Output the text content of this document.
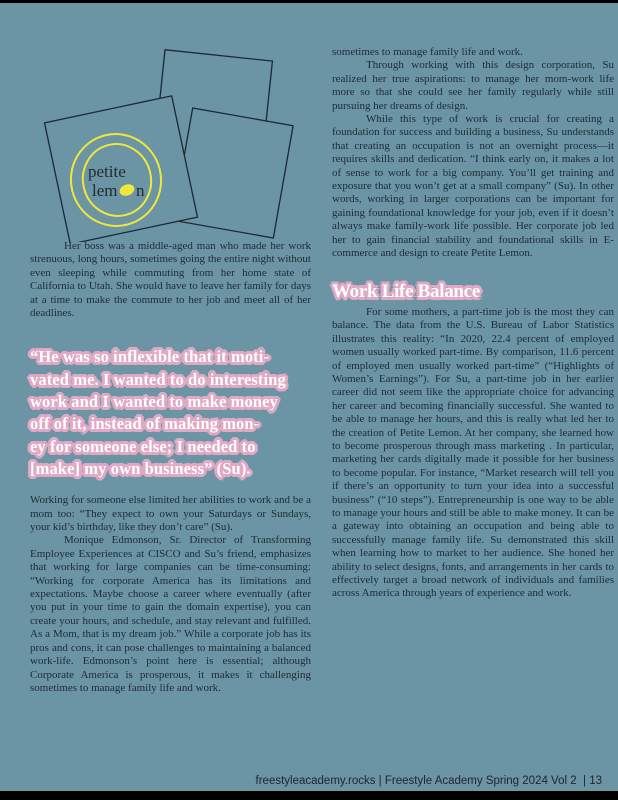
petite
lem n

Her boss was a middle-aged man who made her work strenuous, long hours, sometimes going the entire night without even sleeping while commuting from her home state of California to Utah. She would have to leave her family for days at a time to make the commute to her job and meet all of her deadlines.

“He was so inflexible that it moti-
vated me. I wanted to do interesting
work and I wanted to make money
off of it, instead of making mon-
ey for someone else; I needed to
[make] my own business” (Su).

Working for someone else limited her abilities to work and be a mom too: “They expect to own your Saturdays or Sundays, your kid’s birthday, like they don’t care” (Su).

Monique Edmonson, Sr. Director of Transforming Employee Experiences at CISCO and Su’s friend, emphasizes that working for large companies can be time-consuming: “Working for corporate America has its limitations and expectations. Maybe choose a career where eventually (after you put in your time to gain the domain expertise), you can create your hours, and schedule, and stay relevant and fulfilled. As a Mom, that is my dream job.” While a corporate job has its pros and cons, it can pose challenges to maintaining a balanced work-life. Edmonson’s point here is essential; although Corporate America is prosperous, it makes it challenging sometimes to manage family life and work.

sometimes to manage family life and work.

Through working with this design corporation, Su realized her true aspirations: to manage her mom-work life more so that she could see her family regularly while still pursuing her dreams of design.

While this type of work is crucial for creating a foundation for success and building a business, Su understands that creating an occupation is not an overnight process—it requires skills and dedication. “I think early on, it makes a lot of sense to work for a big company. You’ll get training and exposure that you won’t get at a small company” (Su). In other words, working in larger corporations can be important for gaining foundational knowledge for your job, even if it doesn’t always make family-work life possible. Her corporate job led her to gain financial stability and foundational skills in E-commerce and design to create Petite Lemon.

Work Life Balance

For some mothers, a part-time job is the most they can balance. The data from the U.S. Bureau of Labor Statistics illustrates this reality: “In 2020, 22.4 percent of employed women usually worked part-time. By comparison, 11.6 percent of employed men usually worked part-time” (“Highlights of Women’s Earnings”). For Su, a part-time job in her earlier career did not seem like the appropriate choice for advancing her career and becoming financially successful. She wanted to be able to manage her hours, and this is really what led her to the creation of Petite Lemon. At her company, she learned how to become prosperous through mass marketing . In particular, marketing her cards digitally made it possible for her business to become popular. For instance, “Market research will tell you if there’s an opportunity to turn your idea into a successful business” (“10 steps”). Entrepreneurship is one way to be able to manage your hours and still be able to make money. It can be a gateway into obtaining an occupation and being able to successfully manage family life. Su demonstrated this skill when learning how to market to her audience. She honed her ability to select designs, fonts, and arrangements in her cards to effectively target a broad network of individuals and families across America through years of experience and work.

freestyleacademy.rocks | Freestyle Academy Spring 2024 Vol 2  | 13
